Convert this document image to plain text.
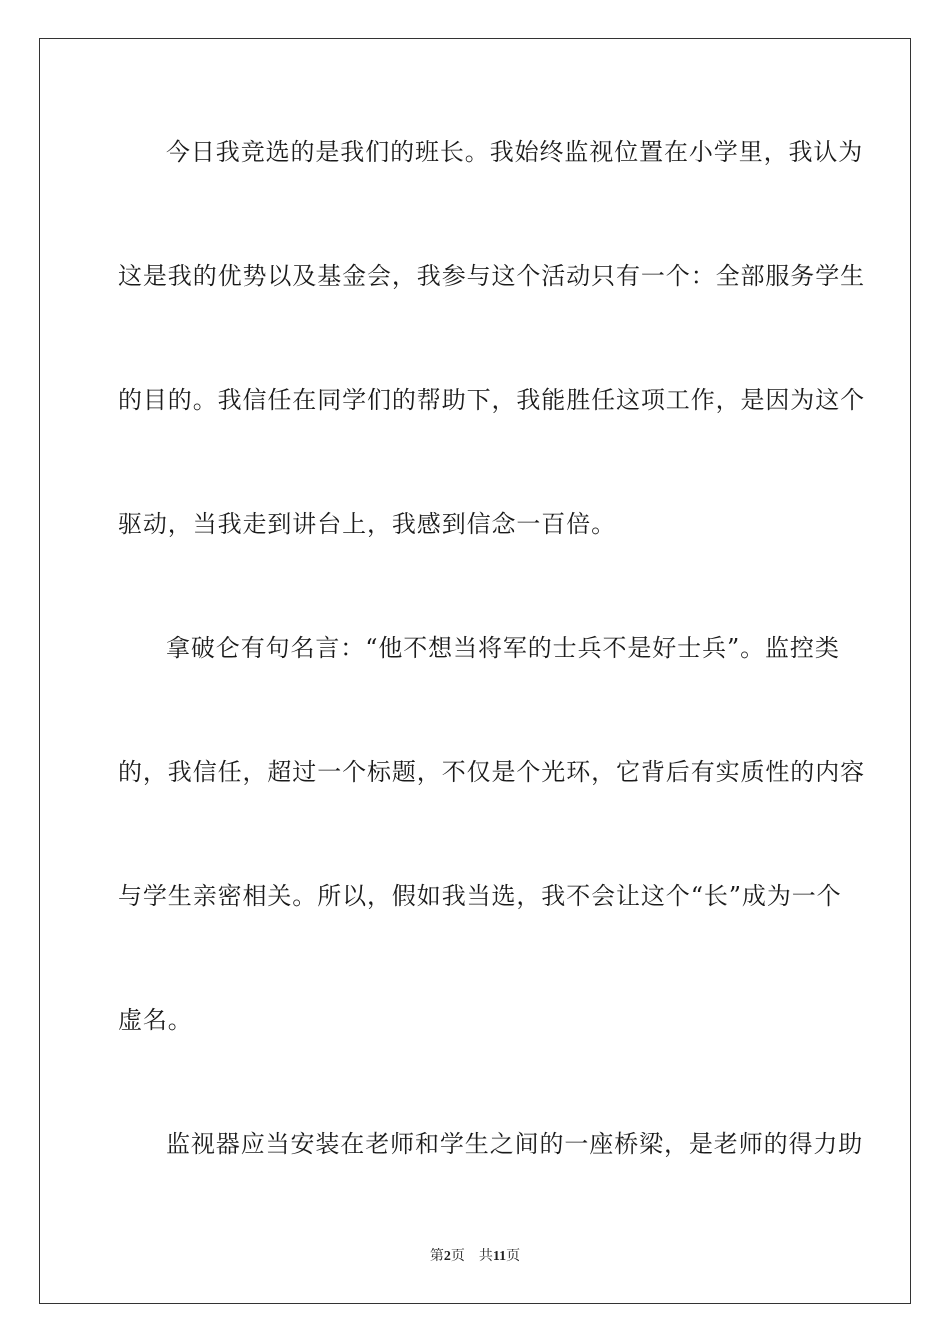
今日我竞选的是我们的班长。我始终监视位置在小学里，我认为
这是我的优势以及基金会，我参与这个活动只有一个：全部服务学生
的目的。我信任在同学们的帮助下，我能胜任这项工作，是因为这个
驱动，当我走到讲台上，我感到信念一百倍。
拿破仑有句名言：“他不想当将军的士兵不是好士兵”。监控类
的，我信任，超过一个标题，不仅是个光环，它背后有实质性的内容
与学生亲密相关。所以，假如我当选，我不会让这个“长”成为一个
虚名。
监视器应当安装在老师和学生之间的一座桥梁，是老师的得力助
第2页 共11页
